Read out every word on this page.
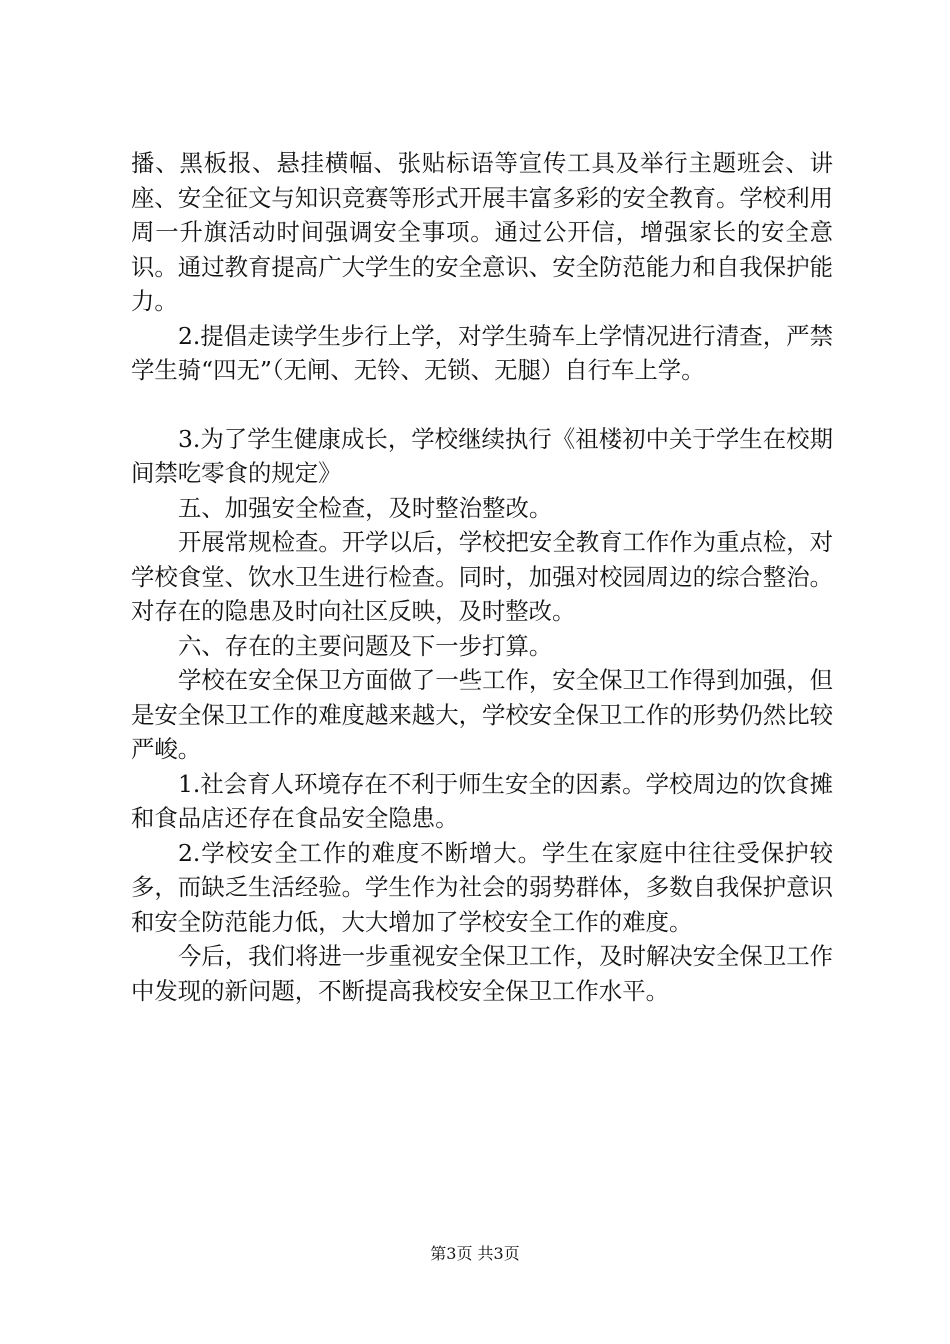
播、黑板报、悬挂横幅、张贴标语等宣传工具及举行主题班会、讲座、安全征文与知识竞赛等形式开展丰富多彩的安全教育。学校利用周一升旗活动时间强调安全事项。通过公开信，增强家长的安全意识。通过教育提高广大学生的安全意识、安全防范能力和自我保护能力。

2.提倡走读学生步行上学，对学生骑车上学情况进行清查，严禁学生骑“四无”（无闸、无铃、无锁、无腿）自行车上学。

3.为了学生健康成长，学校继续执行《祖楼初中关于学生在校期间禁吃零食的规定》

五、加强安全检查，及时整治整改。

开展常规检查。开学以后，学校把安全教育工作作为重点检，对学校食堂、饮水卫生进行检查。同时，加强对校园周边的综合整治。对存在的隐患及时向社区反映，及时整改。

六、存在的主要问题及下一步打算。

学校在安全保卫方面做了一些工作，安全保卫工作得到加强，但是安全保卫工作的难度越来越大，学校安全保卫工作的形势仍然比较严峻。

1.社会育人环境存在不利于师生安全的因素。学校周边的饮食摊和食品店还存在食品安全隐患。

2.学校安全工作的难度不断增大。学生在家庭中往往受保护较多，而缺乏生活经验。学生作为社会的弱势群体，多数自我保护意识和安全防范能力低，大大增加了学校安全工作的难度。

今后，我们将进一步重视安全保卫工作，及时解决安全保卫工作中发现的新问题，不断提高我校安全保卫工作水平。

第3页 共3页
